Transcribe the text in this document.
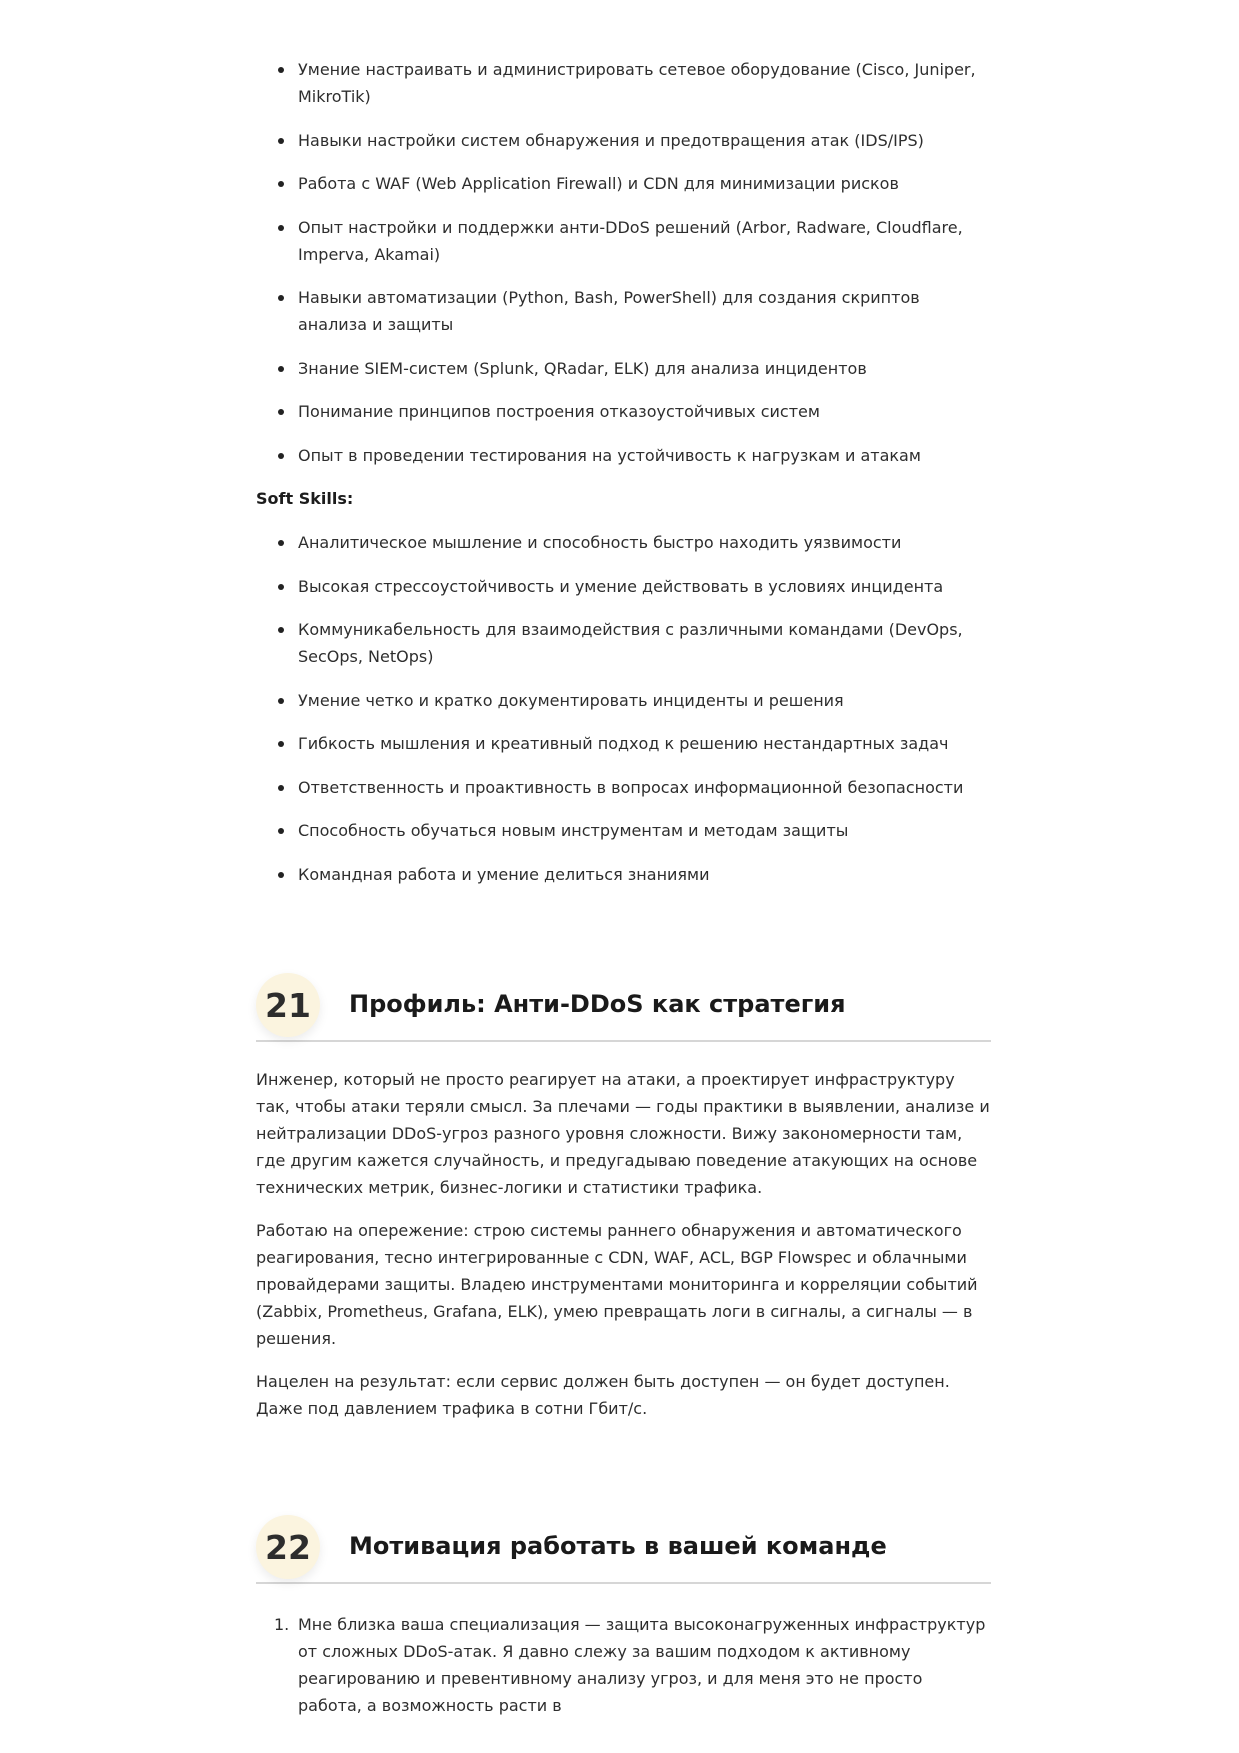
Умение настраивать и администрировать сетевое оборудование (Cisco, Juniper, MikroTik)
Навыки настройки систем обнаружения и предотвращения атак (IDS/IPS)
Работа с WAF (Web Application Firewall) и CDN для минимизации рисков
Опыт настройки и поддержки анти-DDoS решений (Arbor, Radware, Cloudflare, Imperva, Akamai)
Навыки автоматизации (Python, Bash, PowerShell) для создания скриптов анализа и защиты
Знание SIEM-систем (Splunk, QRadar, ELK) для анализа инцидентов
Понимание принципов построения отказоустойчивых систем
Опыт в проведении тестирования на устойчивость к нагрузкам и атакам
Soft Skills:
Аналитическое мышление и способность быстро находить уязвимости
Высокая стрессоустойчивость и умение действовать в условиях инцидента
Коммуникабельность для взаимодействия с различными командами (DevOps, SecOps, NetOps)
Умение четко и кратко документировать инциденты и решения
Гибкость мышления и креативный подход к решению нестандартных задач
Ответственность и проактивность в вопросах информационной безопасности
Способность обучаться новым инструментам и методам защиты
Командная работа и умение делиться знаниями
21	Профиль: Анти-DDoS как стратегия

Инженер, который не просто реагирует на атаки, а проектирует инфраструктуру так, чтобы атаки теряли смысл. За плечами — годы практики в выявлении, анализе и нейтрализации DDoS-угроз разного уровня сложности. Вижу закономерности там, где другим кажется случайность, и предугадываю поведение атакующих на основе технических метрик, бизнес-логики и статистики трафика.

Работаю на опережение: строю системы раннего обнаружения и автоматического реагирования, тесно интегрированные с CDN, WAF, ACL, BGP Flowspec и облачными провайдерами защиты. Владею инструментами мониторинга и корреляции событий (Zabbix, Prometheus, Grafana, ELK), умею превращать логи в сигналы, а сигналы — в решения.

Нацелен на результат: если сервис должен быть доступен — он будет доступен. Даже под давлением трафика в сотни Гбит/с.

22	Мотивация работать в вашей команде
1. Мне близка ваша специализация — защита высоконагруженных инфраструктур от сложных DDoS-атак. Я давно слежу за вашим подходом к активному реагированию и превентивному анализу угроз, и для меня это не просто работа, а возможность расти в
